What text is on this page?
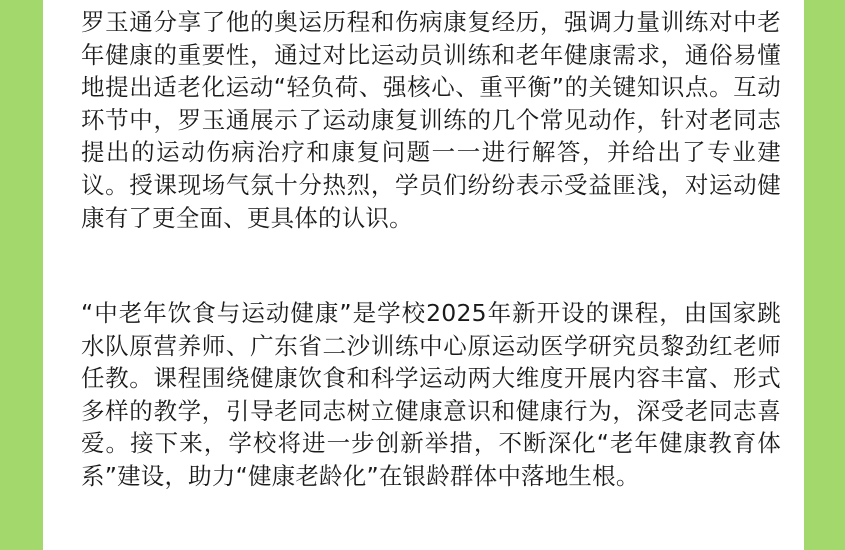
罗玉通分享了他的奥运历程和伤病康复经历，强调力量训练对中老年健康的重要性，通过对比运动员训练和老年健康需求，通俗易懂地提出适老化运动“轻负荷、强核心、重平衡”的关键知识点。互动环节中，罗玉通展示了运动康复训练的几个常见动作，针对老同志提出的运动伤病治疗和康复问题一一进行解答，并给出了专业建议。授课现场气氛十分热烈，学员们纷纷表示受益匪浅，对运动健康有了更全面、更具体的认识。

“中老年饮食与运动健康”是学校2025年新开设的课程，由国家跳水队原营养师、广东省二沙训练中心原运动医学研究员黎劲红老师任教。课程围绕健康饮食和科学运动两大维度开展内容丰富、形式多样的教学，引导老同志树立健康意识和健康行为，深受老同志喜爱。接下来，学校将进一步创新举措，不断深化“老年健康教育体系”建设，助力“健康老龄化”在银龄群体中落地生根。
